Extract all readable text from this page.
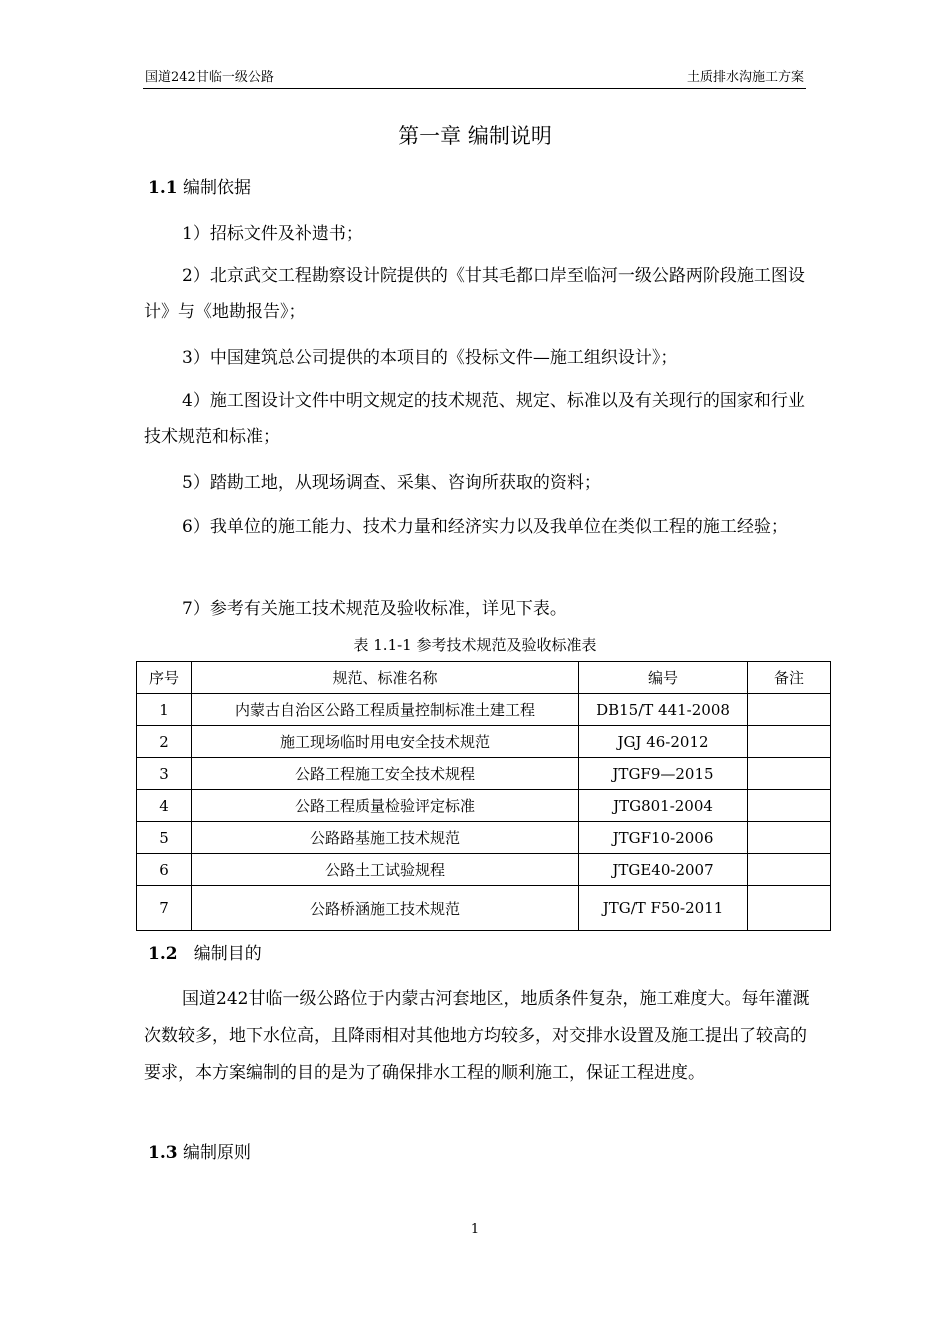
国道242甘临一级公路	土质排水沟施工方案
第一章 编制说明
1.1 编制依据
1）招标文件及补遗书；
2）北京武交工程勘察设计院提供的《甘其毛都口岸至临河一级公路两阶段施工图设计》与《地勘报告》；
3）中国建筑总公司提供的本项目的《投标文件—施工组织设计》；
4）施工图设计文件中明文规定的技术规范、规定、标准以及有关现行的国家和行业技术规范和标准；
5）踏勘工地，从现场调查、采集、咨询所获取的资料；
6）我单位的施工能力、技术力量和经济实力以及我单位在类似工程的施工经验；
7）参考有关施工技术规范及验收标准，详见下表。
表 1.1-1 参考技术规范及验收标准表
序号	规范、标准名称	编号	备注
1	内蒙古自治区公路工程质量控制标准土建工程	DB15/T 441-2008	
2	施工现场临时用电安全技术规范	JGJ 46-2012	
3	公路工程施工安全技术规程	JTGF9—2015	
4	公路工程质量检验评定标准	JTG801-2004	
5	公路路基施工技术规范	JTGF10-2006	
6	公路土工试验规程	JTGE40-2007	
7	公路桥涵施工技术规范	JTG/T F50-2011	
1.2 编制目的
国道242甘临一级公路位于内蒙古河套地区，地质条件复杂，施工难度大。每年灌溉次数较多，地下水位高，且降雨相对其他地方均较多，对交排水设置及施工提出了较高的要求，本方案编制的目的是为了确保排水工程的顺利施工，保证工程进度。
1.3 编制原则
1
